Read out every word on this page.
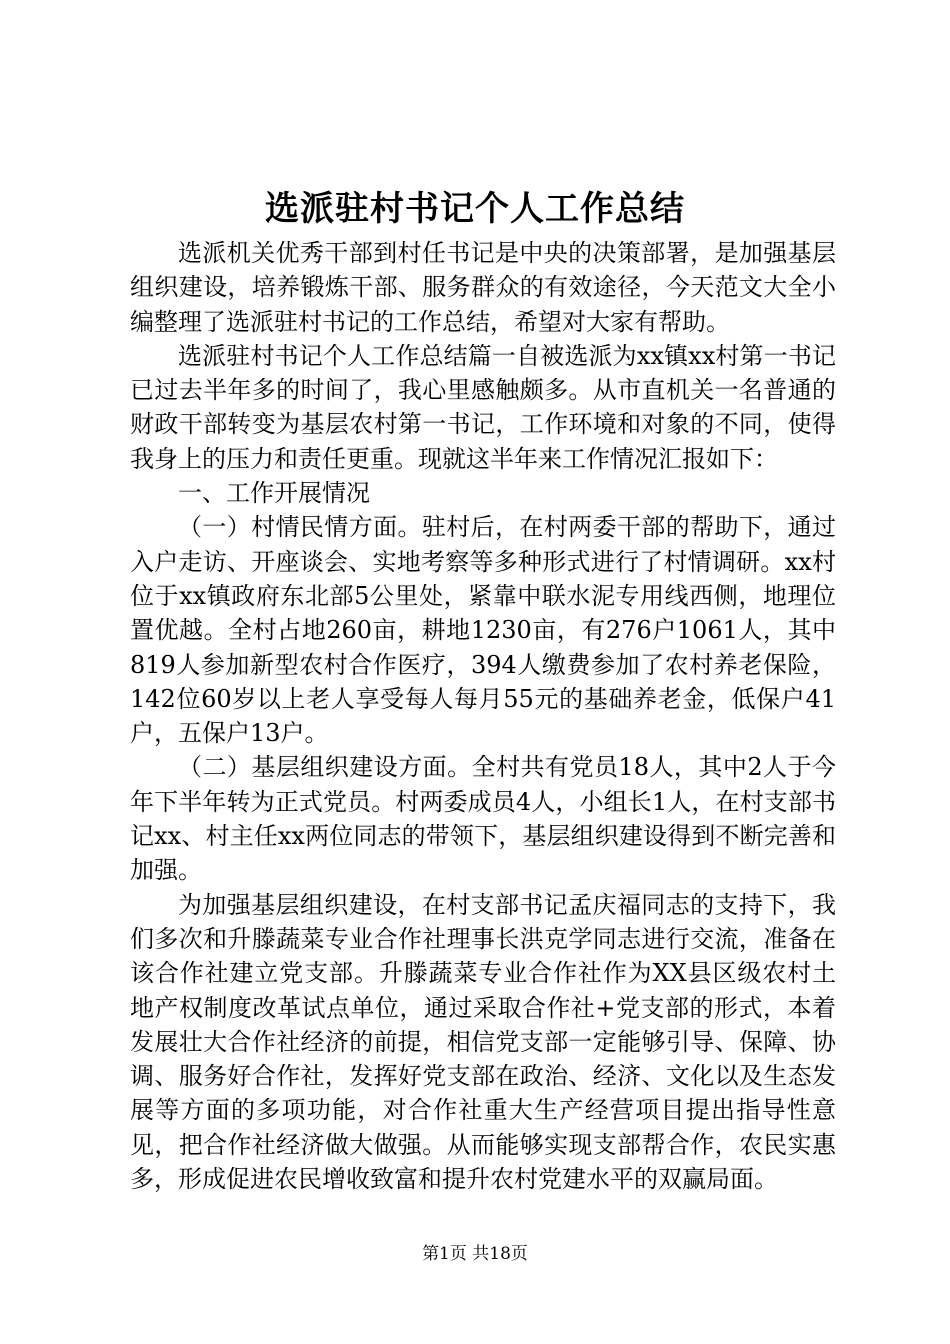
选派驻村书记个人工作总结

选派机关优秀干部到村任书记是中央的决策部署，是加强基层组织建设，培养锻炼干部、服务群众的有效途径，今天范文大全小编整理了选派驻村书记的工作总结，希望对大家有帮助。

选派驻村书记个人工作总结篇一自被选派为xx镇xx村第一书记已过去半年多的时间了，我心里感触颇多。从市直机关一名普通的财政干部转变为基层农村第一书记，工作环境和对象的不同，使得我身上的压力和责任更重。现就这半年来工作情况汇报如下：

一、工作开展情况

（一）村情民情方面。驻村后，在村两委干部的帮助下，通过入户走访、开座谈会、实地考察等多种形式进行了村情调研。xx村位于xx镇政府东北部5公里处，紧靠中联水泥专用线西侧，地理位置优越。全村占地260亩，耕地1230亩，有276户1061人，其中819人参加新型农村合作医疗，394人缴费参加了农村养老保险，142位60岁以上老人享受每人每月55元的基础养老金，低保户41户，五保户13户。

（二）基层组织建设方面。全村共有党员18人，其中2人于今年下半年转为正式党员。村两委成员4人，小组长1人，在村支部书记xx、村主任xx两位同志的带领下，基层组织建设得到不断完善和加强。

为加强基层组织建设，在村支部书记孟庆福同志的支持下，我们多次和升滕蔬菜专业合作社理事长洪克学同志进行交流，准备在该合作社建立党支部。升滕蔬菜专业合作社作为XX县区级农村土地产权制度改革试点单位，通过采取合作社+党支部的形式，本着发展壮大合作社经济的前提，相信党支部一定能够引导、保障、协调、服务好合作社，发挥好党支部在政治、经济、文化以及生态发展等方面的多项功能，对合作社重大生产经营项目提出指导性意见，把合作社经济做大做强。从而能够实现支部帮合作，农民实惠多，形成促进农民增收致富和提升农村党建水平的双赢局面。

第1页 共18页
